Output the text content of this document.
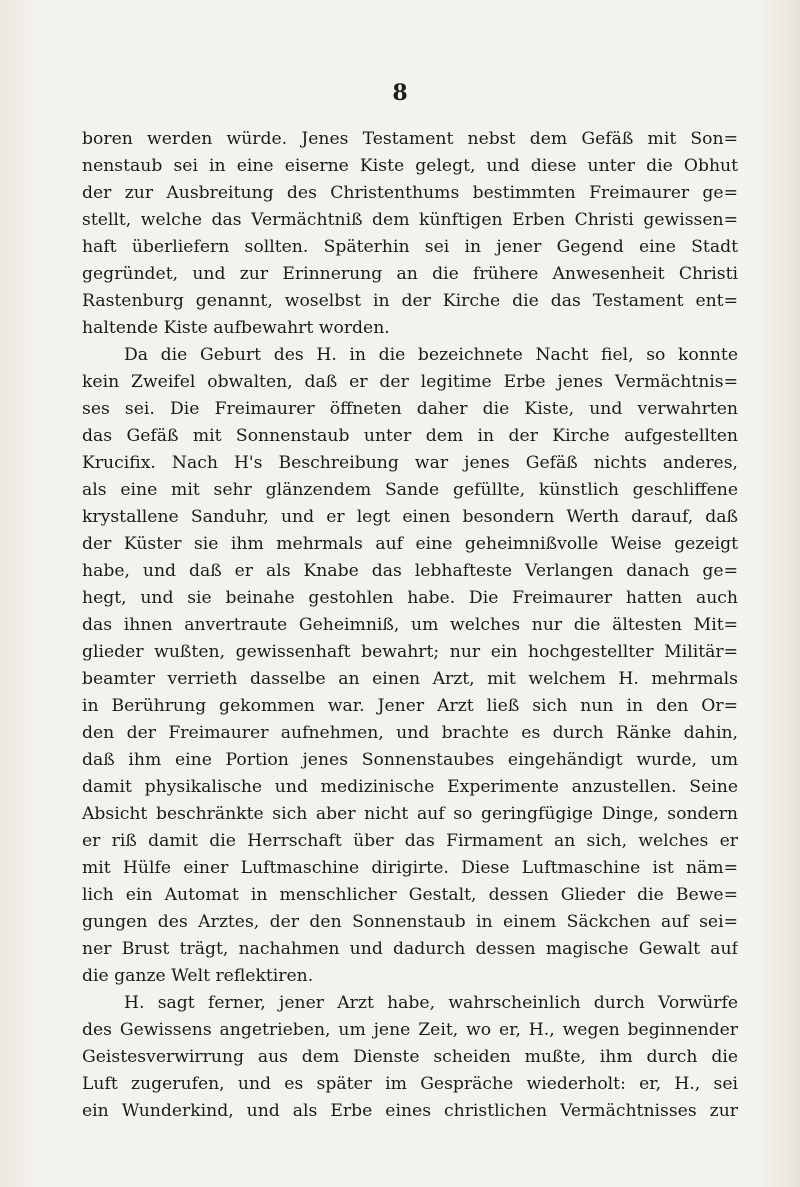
8
boren werden würde. Jenes Testament nebst dem Gefäß mit Son=
nenstaub sei in eine eiserne Kiste gelegt, und diese unter die Obhut
der zur Ausbreitung des Christenthums bestimmten Freimaurer ge=
stellt, welche das Vermächtniß dem künftigen Erben Christi gewissen=
haft überliefern sollten. Späterhin sei in jener Gegend eine Stadt
gegründet, und zur Erinnerung an die frühere Anwesenheit Christi
Rastenburg genannt, woselbst in der Kirche die das Testament ent=
haltende Kiste aufbewahrt worden.
Da die Geburt des H. in die bezeichnete Nacht fiel, so konnte
kein Zweifel obwalten, daß er der legitime Erbe jenes Vermächtnis=
ses sei. Die Freimaurer öffneten daher die Kiste, und verwahrten
das Gefäß mit Sonnenstaub unter dem in der Kirche aufgestellten
Krucifix. Nach H's Beschreibung war jenes Gefäß nichts anderes,
als eine mit sehr glänzendem Sande gefüllte, künstlich geschliffene
krystallene Sanduhr, und er legt einen besondern Werth darauf, daß
der Küster sie ihm mehrmals auf eine geheimnißvolle Weise gezeigt
habe, und daß er als Knabe das lebhafteste Verlangen danach ge=
hegt, und sie beinahe gestohlen habe. Die Freimaurer hatten auch
das ihnen anvertraute Geheimniß, um welches nur die ältesten Mit=
glieder wußten, gewissenhaft bewahrt; nur ein hochgestellter Militär=
beamter verrieth dasselbe an einen Arzt, mit welchem H. mehrmals
in Berührung gekommen war. Jener Arzt ließ sich nun in den Or=
den der Freimaurer aufnehmen, und brachte es durch Ränke dahin,
daß ihm eine Portion jenes Sonnenstaubes eingehändigt wurde, um
damit physikalische und medizinische Experimente anzustellen. Seine
Absicht beschränkte sich aber nicht auf so geringfügige Dinge, sondern
er riß damit die Herrschaft über das Firmament an sich, welches er
mit Hülfe einer Luftmaschine dirigirte. Diese Luftmaschine ist näm=
lich ein Automat in menschlicher Gestalt, dessen Glieder die Bewe=
gungen des Arztes, der den Sonnenstaub in einem Säckchen auf sei=
ner Brust trägt, nachahmen und dadurch dessen magische Gewalt auf
die ganze Welt reflektiren.
H. sagt ferner, jener Arzt habe, wahrscheinlich durch Vorwürfe
des Gewissens angetrieben, um jene Zeit, wo er, H., wegen beginnender
Geistesverwirrung aus dem Dienste scheiden mußte, ihm durch die
Luft zugerufen, und es später im Gespräche wiederholt: er, H., sei
ein Wunderkind, und als Erbe eines christlichen Vermächtnisses zur
